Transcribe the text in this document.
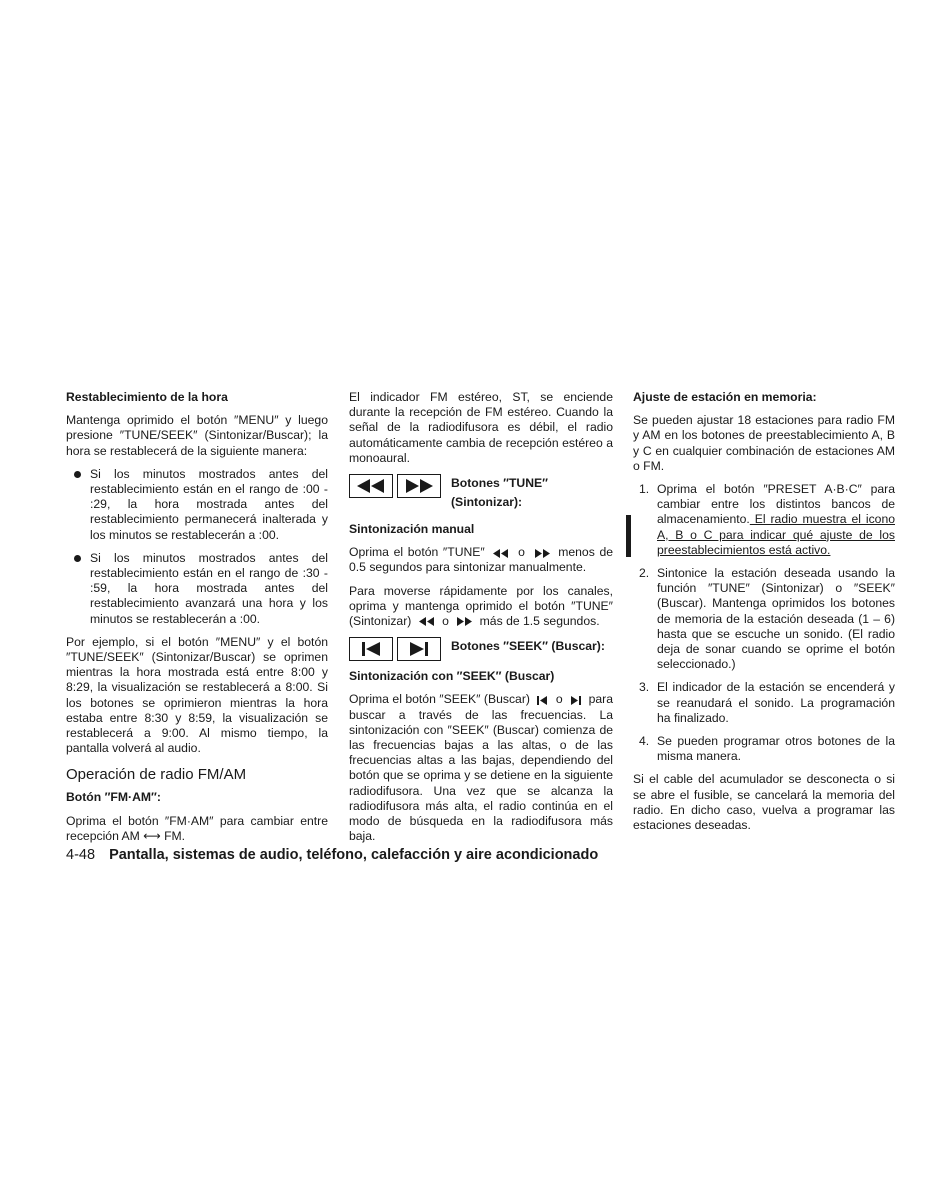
Restablecimiento de la hora

Mantenga oprimido el botón ″MENU″ y luego presione ″TUNE/SEEK″ (Sintonizar/Buscar); la hora se restablecerá de la siguiente manera:

Si los minutos mostrados antes del restablecimiento están en el rango de :00 - :29, la hora mostrada antes del restablecimiento permanecerá inalterada y los minutos se restablecerán a :00.
Si los minutos mostrados antes del restablecimiento están en el rango de :30 - :59, la hora mostrada antes del restablecimiento avanzará una hora y los minutos se restablecerán a :00.

Por ejemplo, si el botón ″MENU″ y el botón ″TUNE/SEEK″ (Sintonizar/Buscar) se oprimen mientras la hora mostrada está entre 8:00 y 8:29, la visualización se restablecerá a 8:00. Si los botones se oprimieron mientras la hora estaba entre 8:30 y 8:59, la visualización se restablecerá a 9:00. Al mismo tiempo, la pantalla volverá al audio.

Operación de radio FM/AM
Botón ″FM·AM″:

Oprima el botón ″FM·AM″ para cambiar entre recepción AM ⟷ FM.

El indicador FM estéreo, ST, se enciende durante la recepción de FM estéreo. Cuando la señal de la radiodifusora es débil, el radio automáticamente cambia de recepción estéreo a monoaural.

Botones ″TUNE″
(Sintonizar):
Sintonización manual

Oprima el botón ″TUNE″	o	menos de 0.5 segundos para sintonizar manualmente.

Para moverse rápidamente por los canales, oprima y mantenga oprimido el botón ″TUNE″ (Sintonizar)	o	más de 1.5 segundos.

Botones ″SEEK″ (Buscar):
Sintonización con ″SEEK″ (Buscar)

Oprima el botón ″SEEK″ (Buscar) o para buscar a través de las frecuencias. La sintonización con ″SEEK″ (Buscar) comienza de las frecuencias bajas a las altas, o de las frecuencias altas a las bajas, dependiendo del botón que se oprima y se detiene en la siguiente radiodifusora. Una vez que se alcanza la radiodifusora más alta, el radio continúa en el modo de búsqueda en la radiodifusora más baja.

Ajuste de estación en memoria:

Se pueden ajustar 18 estaciones para radio FM y AM en los botones de preestablecimiento A, B y C en cualquier combinación de estaciones AM o FM.

1. Oprima el botón ″PRESET A·B·C″ para cambiar entre los distintos bancos de almacenamiento. El radio muestra el icono A, B o C para indicar qué ajuste de los preestablecimientos está activo.
2. Sintonice la estación deseada usando la función ″TUNE″ (Sintonizar) o ″SEEK″ (Buscar). Mantenga oprimidos los botones de memoria de la estación deseada (1 – 6) hasta que se escuche un sonido. (El radio deja de sonar cuando se oprime el botón seleccionado.)
3. El indicador de la estación se encenderá y se reanudará el sonido. La programación ha finalizado.
4. Se pueden programar otros botones de la misma manera.

Si el cable del acumulador se desconecta o si se abre el fusible, se cancelará la memoria del radio. En dicho caso, vuelva a programar las estaciones deseadas.

4-48 Pantalla, sistemas de audio, teléfono, calefacción y aire acondicionado
